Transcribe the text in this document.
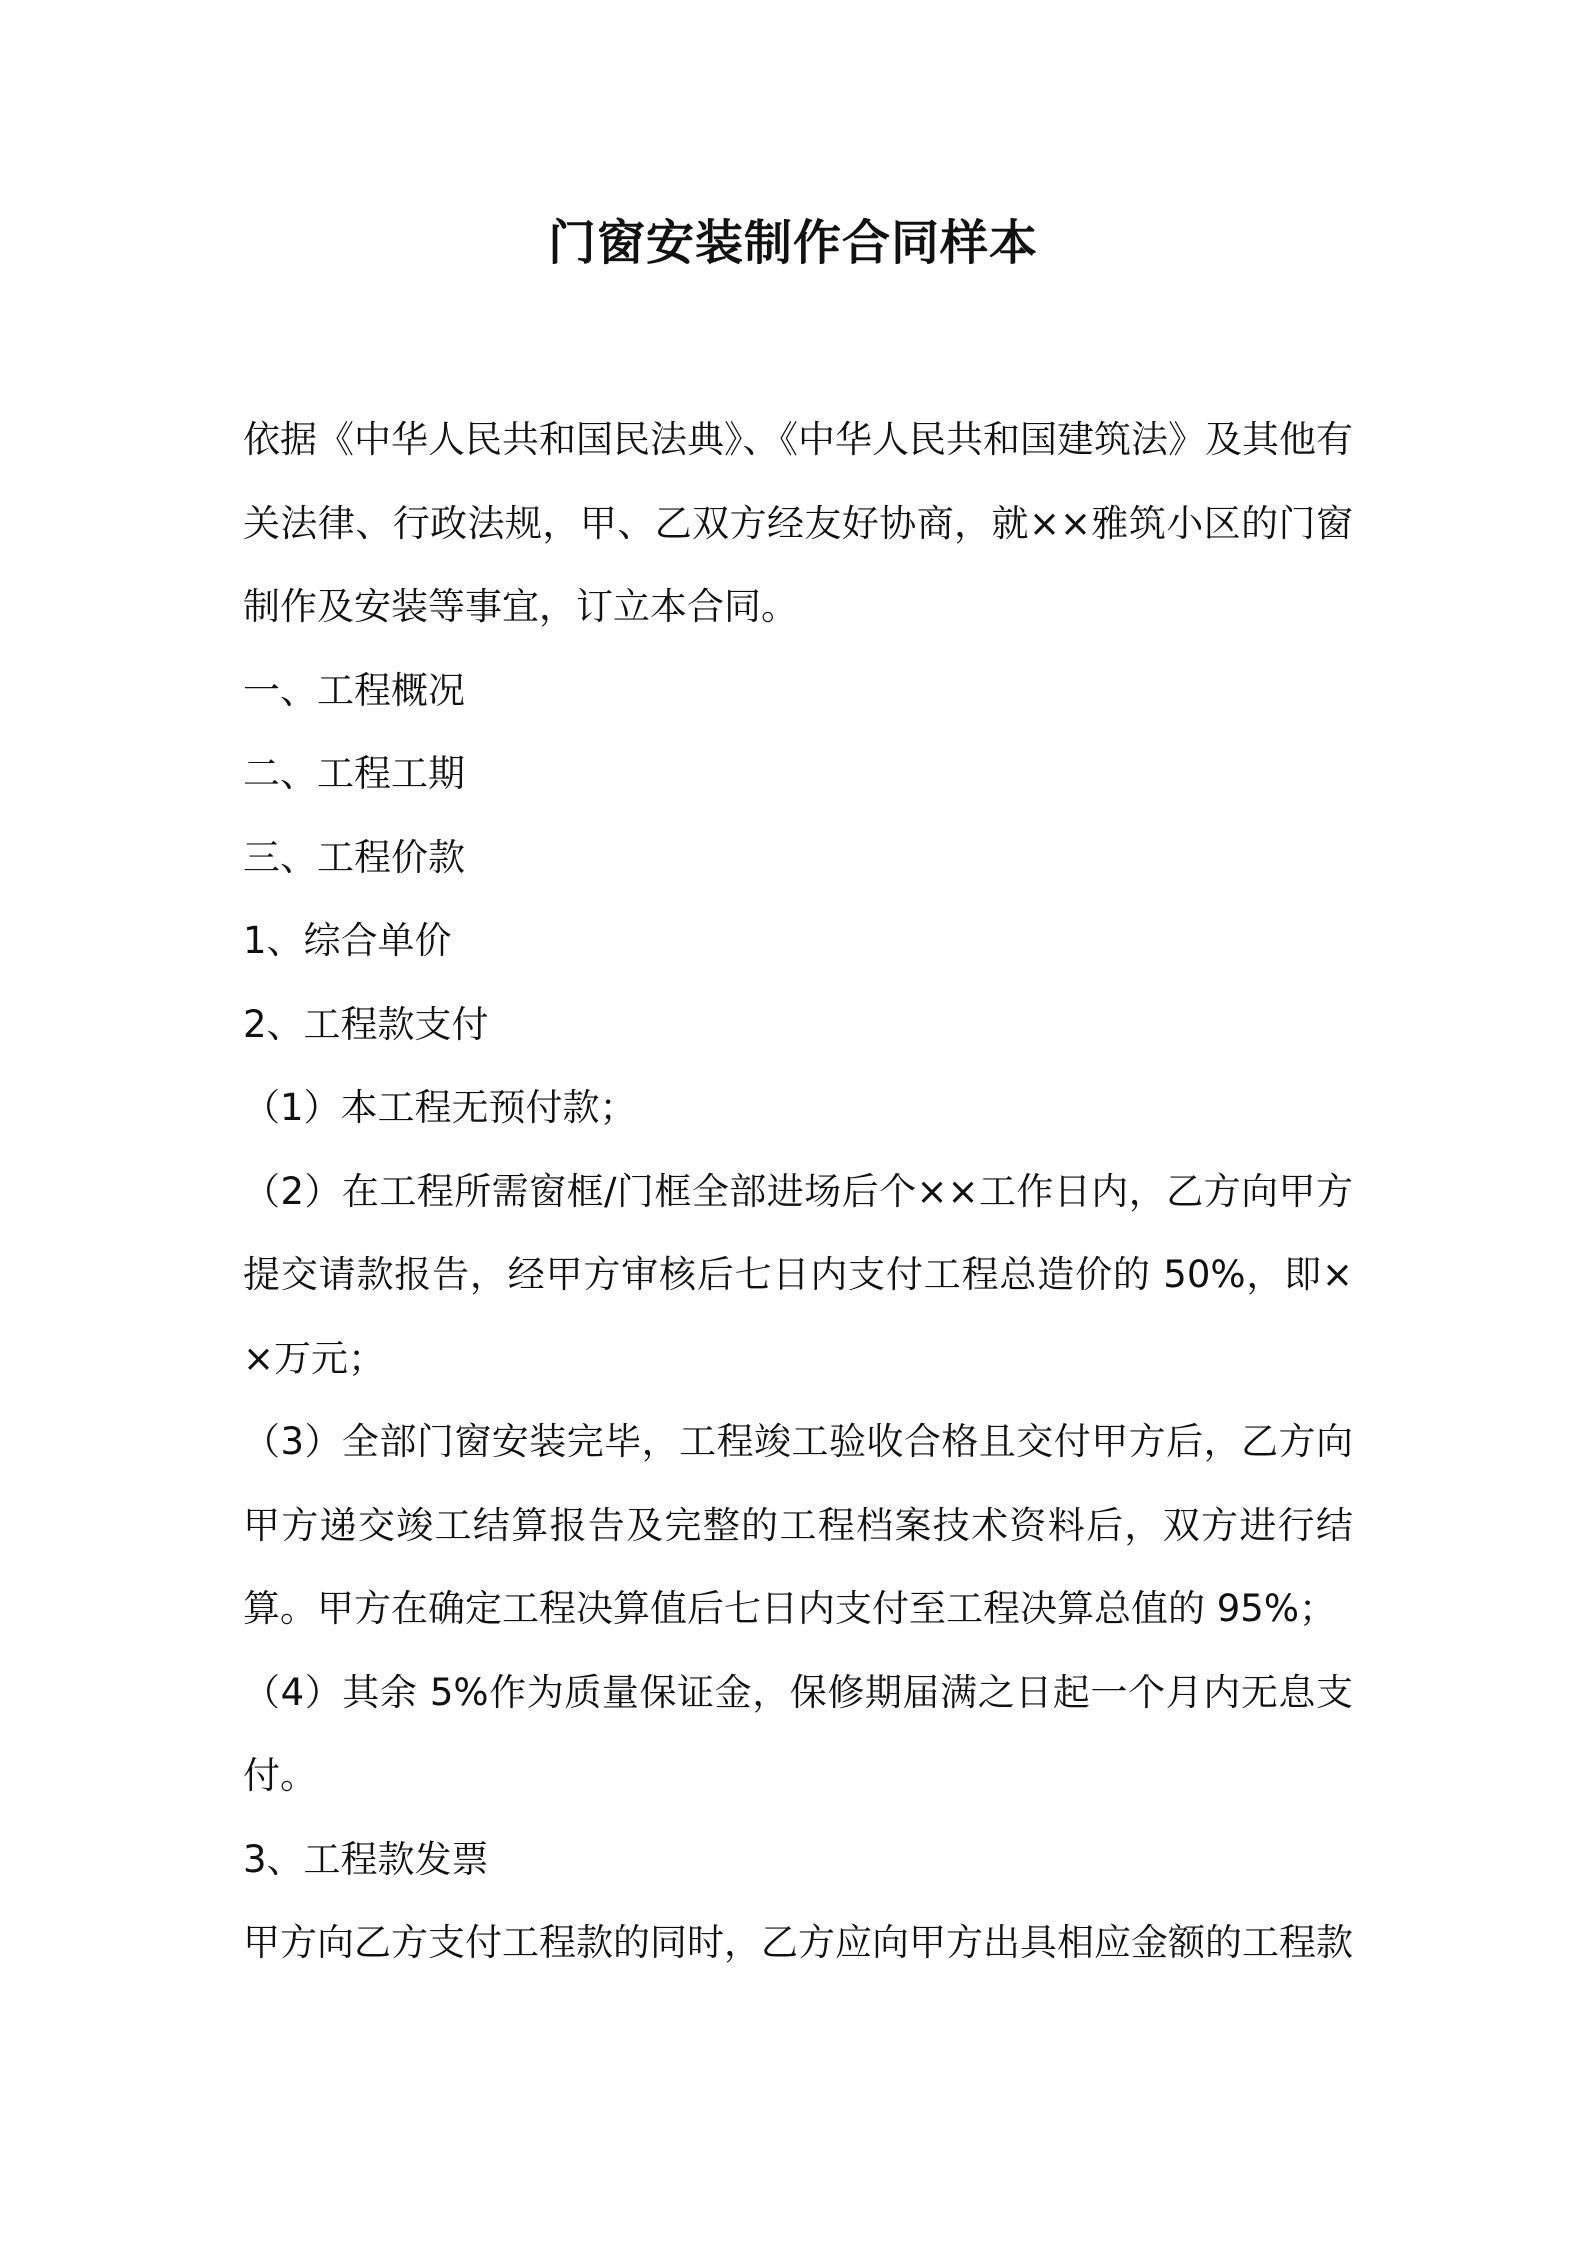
门窗安装制作合同样本

依据《中华人民共和国民法典》、《中华人民共和国建筑法》及其他有关法律、行政法规，甲、乙双方经友好协商，就××雅筑小区的门窗制作及安装等事宜，订立本合同。

一、工程概况

二、工程工期

三、工程价款

1、综合单价

2、工程款支付

（1）本工程无预付款；

（2）在工程所需窗框/门框全部进场后个××工作日内，乙方向甲方提交请款报告，经甲方审核后七日内支付工程总造价的 50%，即××万元；

（3）全部门窗安装完毕，工程竣工验收合格且交付甲方后，乙方向甲方递交竣工结算报告及完整的工程档案技术资料后，双方进行结算。甲方在确定工程决算值后七日内支付至工程决算总值的 95%；

（4）其余 5%作为质量保证金，保修期届满之日起一个月内无息支付。

3、工程款发票

甲方向乙方支付工程款的同时，乙方应向甲方出具相应金额的工程款
